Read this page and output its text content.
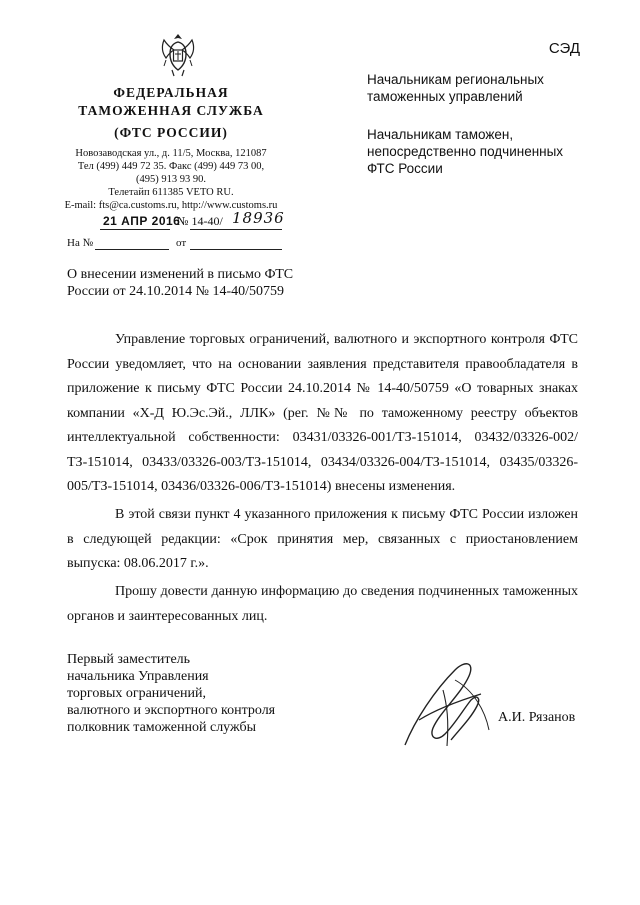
СЭД
ФЕДЕРАЛЬНАЯ
ТАМОЖЕННАЯ СЛУЖБА
(ФТС РОССИИ)
Новозаводская ул., д. 11/5, Москва, 121087
Тел (499) 449 72 35. Факс (499) 449 73 00,
(495) 913 93 90.
Телетайп 611385 VETO RU.
E-mail: fts@ca.customs.ru, http://www.customs.ru
21 АПР 2016
№ 14-40/ 18936
На №	от
Начальникам региональных таможенных управлений
Начальникам таможен, непосредственно подчиненных ФТС России
О внесении изменений в письмо ФТС России от 24.10.2014 № 14-40/50759
Управление торговых ограничений, валютного и экспортного контроля ФТС России уведомляет, что на основании заявления представителя правообладателя в приложение к письму ФТС России 24.10.2014 № 14-40/50759 «О товарных знаках компании «Х-Д Ю.Эс.Эй., ЛЛК» (рег. №№ по таможенному реестру объектов интеллектуальной собственности: 03431/03326-001/ТЗ-151014, 03432/03326-002/ТЗ-151014, 03433/03326-003/ТЗ-151014, 03434/03326-004/ТЗ-151014, 03435/03326-005/ТЗ-151014, 03436/03326-006/ТЗ-151014) внесены изменения.
В этой связи пункт 4 указанного приложения к письму ФТС России изложен в следующей редакции: «Срок принятия мер, связанных с приостановлением выпуска: 08.06.2017 г.».
Прошу довести данную информацию до сведения подчиненных таможенных органов и заинтересованных лиц.
Первый заместитель
начальника Управления
торговых ограничений,
валютного и экспортного контроля
полковник таможенной службы
А.И. Рязанов
